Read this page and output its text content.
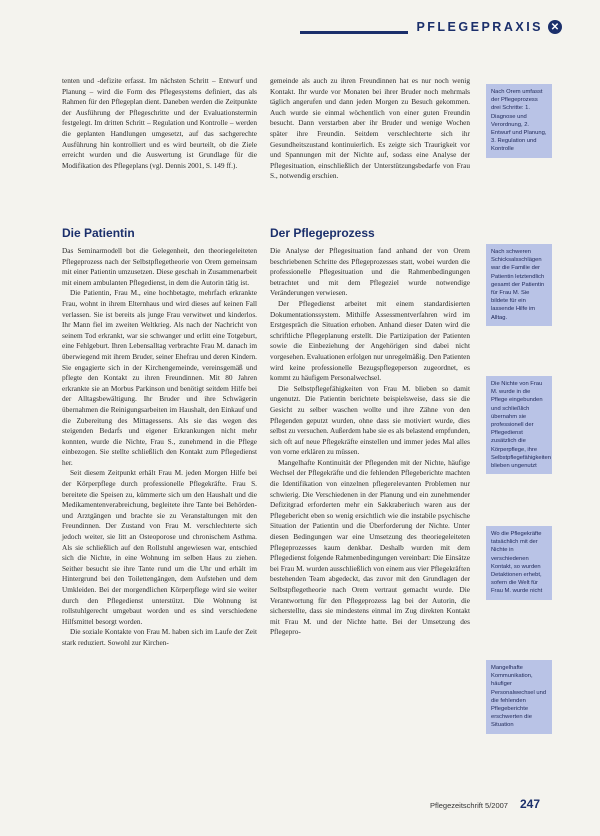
PFLEGEPRAXIS ✕

tenten und -defizite erfasst. Im nächsten Schritt – Entwurf und Planung – wird die Form des Pflegesystems definiert, das als Rahmen für den Pflegeplan dient. Daneben werden die Zeitpunkte der Ausführung der Pflegeschritte und der Evaluationstermin festgelegt. Im dritten Schritt – Regulation und Kontrolle – werden die geplanten Handlungen umgesetzt, auf das sachgerechte Ausführung hin kontrolliert und es wird beurteilt, ob die Ziele erreicht wurden und die Auswertung ist Grundlage für die Modifikation des Pflegeplans (vgl. Dennis 2001, S. 149 ff.).

Die Patientin

Das Seminarmodell bot die Gelegenheit, den theoriegeleiteten Pflegeprozess nach der Selbstpflegetheorie von Orem gemeinsam mit einer Patientin umzusetzen. Diese geschah in Zusammenarbeit mit einem ambulanten Pflegedienst, in dem die Autorin tätig ist.

Die Patientin, Frau M., eine hochbetagte, mehrfach erkrankte Frau, wohnt in ihrem Elternhaus und wird dieses auf keinen Fall verlassen. Sie ist bereits als junge Frau verwitwet und kinderlos. Ihr Mann fiel im zweiten Weltkrieg. Als nach der Nachricht von seinem Tod erkrankt, war sie schwanger und erlitt eine Totgeburt, eine Fehlgeburt. Ihren Lebensalltag verbrachte Frau M. danach im überwiegend mit ihrem Bruder, seiner Ehefrau und deren Kindern. Sie engagierte sich in der Kirchengemeinde, vereinsgemäß und pflegte den Kontakt zu ihren Freundinnen. Mit 80 Jahren erkrankte sie an Morbus Parkinson und benötigt seitdem Hilfe bei der Alltagsbewältigung. Ihr Bruder und ihre Schwägerin übernahmen die Reinigungsarbeiten im Haushalt, den Einkauf und die Zubereitung des Mittagessens. Als sie das wegen des steigenden Bedarfs und eigener Erkrankungen nicht mehr konnten, wurde die Nichte, Frau S., zunehmend in die Pflege einbezogen. Sie stellte schließlich den Kontakt zum Pflegedienst her.

Seit diesem Zeitpunkt erhält Frau M. jeden Morgen Hilfe bei der Körperpflege durch professionelle Pflegekräfte. Frau S. bereitete die Speisen zu, kümmerte sich um den Haushalt und die Medikamentenverabreichung, begleitete ihre Tante bei Behörden- und Arztgängen und brachte sie zu Veranstaltungen mit den Freundinnen. Der Zustand von Frau M. verschlechterte sich jedoch weiter, sie litt an Osteoporose und chronischem Asthma. Als sie schließlich auf den Rollstuhl angewiesen war, entschied sich die Nichte, in eine Wohnung im selben Haus zu ziehen. Seither besucht sie ihre Tante rund um die Uhr und erhält im Hintergrund bei den Toilettengängen, dem Aufstehen und dem Umkleiden. Bei der morgendlichen Körperpflege wird sie weiter durch den Pflegedienst unterstützt. Die Wohnung ist rollstuhlgerecht umgebaut worden und es sind verschiedene Hilfsmittel besorgt worden.

Die soziale Kontakte von Frau M. haben sich im Laufe der Zeit stark reduziert. Sowohl zur Kirchen-

gemeinde als auch zu ihren Freundinnen hat es nur noch wenig Kontakt. Ihr wurde vor Monaten bei ihrer Bruder noch mehrmals täglich angerufen und dann jeden Morgen zu Besuch gekommen. Auch wurde sie einmal wöchentlich von einer guten Freundin besucht. Dann verstarben aber ihr Bruder und wenige Wochen später ihre Freundin. Seitdem verschlechterte sich ihr Gesundheitszustand kontinuierlich. Es zeigte sich Traurigkeit vor und Spannungen mit der Nichte auf, sodass eine Analyse der Pflegesituation, einschließlich der Unterstützungsbedarfe von Frau S., notwendig erschien.

Der Pflegeprozess

Die Analyse der Pflegesituation fand anhand der von Orem beschriebenen Schritte des Pflegeprozesses statt, wobei wurden die professionelle Pflegesituation und die Rahmenbedingungen betrachtet und mit dem Pflegeziel wurde notwendige Veränderungen verwiesen.

Der Pflegedienst arbeitet mit einem standardisierten Dokumentationssystem. Mithilfe Assessmentverfahren wird im Erstgespräch die Situation erhoben. Anhand dieser Daten wird die schriftliche Pflegeplanung erstellt. Die Partizipation der Patienten sowie die Einbeziehung der Angehörigen sind dabei nicht vorgesehen. Evaluationen erfolgen nur unregelmäßig. Den Patienten wird keine professionelle Bezugspflegeperson zugeordnet, es kommt zu häufigem Personalwechsel.

Die Selbstpflegefähigkeiten von Frau M. blieben so damit ungenutzt. Die Patientin berichtete beispielsweise, dass sie die Gesicht zu selber waschen wollte und ihre Zähne von den Pflegenden geputzt wurden, ohne dass sie motiviert wurde, dies selbst zu versuchen. Außerdem habe sie es als belastend empfunden, sich oft auf neue Pflegekräfte einstellen und immer jedes Mal alles von vorne erklären zu müssen.

Mangelhafte Kontinuität der Pflegenden mit der Nichte, häufige Wechsel der Pflegekräfte und die fehlenden Pflegeberichte machten die Identifikation von einzelnen pflegerelevanten Problemen nur schwierig. Die Verschiedenen in der Planung und ein zunehmender Defizitgrad erforderten mehr ein Sakkraberiuch waren aus der Pflegebericht eben so wenig ersichtlich wie die instabile psychische Situation der Patientin und die Überforderung der Nichte. Unter diesen Bedingungen war eine Umsetzung des theoriegeleiteten Pflegeprozesses kaum denkbar. Deshalb wurden mit dem Pflegedienst folgende Rahmenbedingungen vereinbart: Die Einsätze bei Frau M. wurden ausschließlich von einem aus vier Pflegekräften bestehenden Team abgedeckt, das zuvor mit den Grundlagen der Selbstpflegetheorie nach Orem vertraut gemacht wurde. Die Verantwortung für den Pflegeprozess lag bei der Autorin, die sicherstellte, dass sie mindestens einmal im Zug direkten Kontakt mit Frau M. und der Nichte hatte. Bei der Umsetzung des Pflegepro-

Nach Orem umfasst der Pflegeprozess drei Schritte: 1. Diagnose und Verordnung, 2. Entwurf und Planung, 3. Regulation und Kontrolle
Nach schweren Schicksalsschlägen war die Familie der Patientin letztendlich gesamt der Patientin für Frau M. Sie bildete für ein lassende Hilfe im Alltag.
Die Nichte von Frau M. wurde in die Pflege eingebunden und schließlich übernahm sie professionell der Pflegedienst zusätzlich die Körperpflege, ihre Selbstpflegefähigkeiten blieben ungenutzt
Wo die Pflegekräfte tatsächlich mit der Nichte in verschiedenen Kontakt, so wurden Detaktionen erhebt, sofern die Welt für Frau M. wurde nicht
Mangelhafte Kommunikation, häufiger Personalwechsel und die fehlenden Pflegeberichte erschwerten die Situation
Pflegezeitschrift 5/2007 247
